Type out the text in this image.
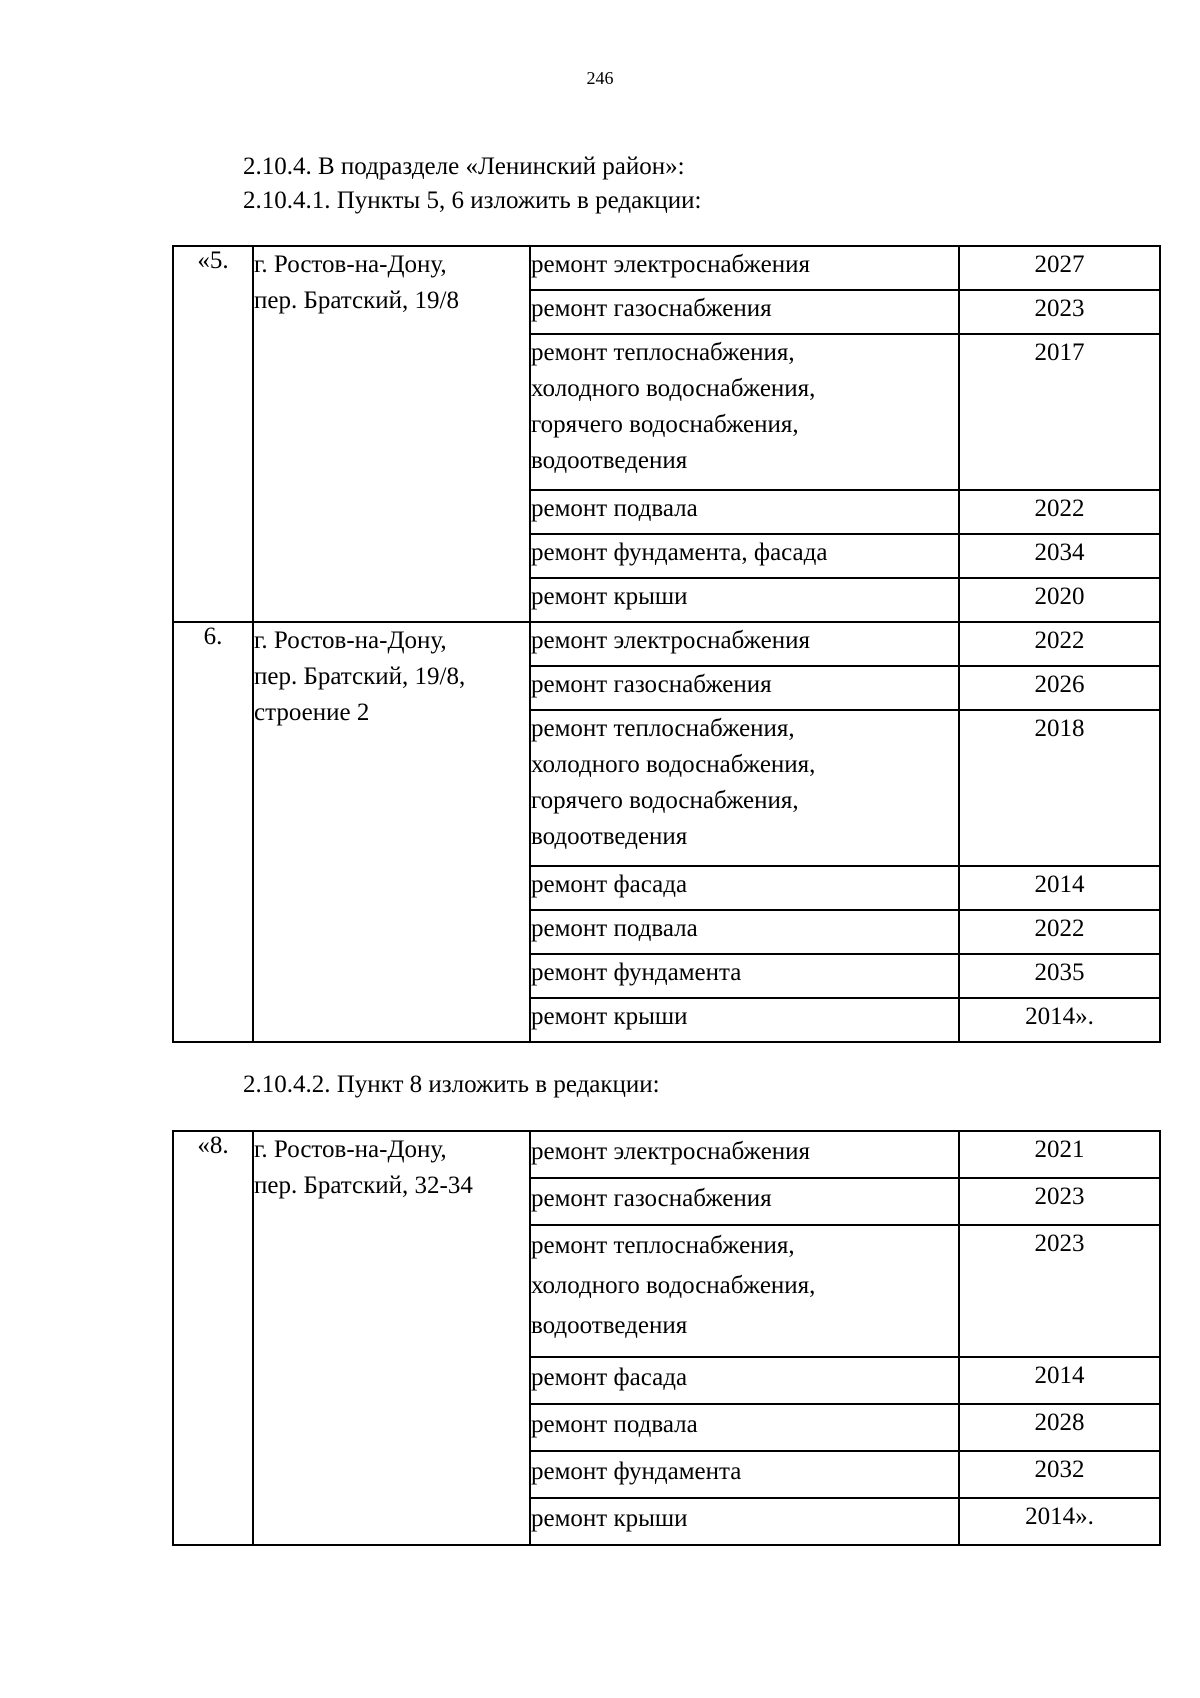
246
2.10.4. В подразделе «Ленинский район»:
2.10.4.1. Пункты 5, 6 изложить в редакции:
«5.	г. Ростов-на-Дону,
пер. Братский, 19/8	ремонт электроснабжения	2027

		ремонт газоснабжения	2023

		ремонт теплоснабжения,
холодного водоснабжения,
горячего водоснабжения,
водоотведения	2017

		ремонт подвала	2022

		ремонт фундамента, фасада	2034

		ремонт крыши	2020
6.	г. Ростов-на-Дону,
пер. Братский, 19/8,
строение 2	ремонт электроснабжения	2022

		ремонт газоснабжения	2026

		ремонт теплоснабжения,
холодного водоснабжения,
горячего водоснабжения,
водоотведения	2018

		ремонт фасада	2014

		ремонт подвала	2022

		ремонт фундамента	2035

		ремонт крыши	2014».
2.10.4.2. Пункт 8 изложить в редакции:
«8.	г. Ростов-на-Дону,
пер. Братский, 32-34	ремонт электроснабжения	2021

		ремонт газоснабжения	2023

		ремонт теплоснабжения,
холодного водоснабжения,
водоотведения	2023

		ремонт фасада	2014

		ремонт подвала	2028

		ремонт фундамента	2032

		ремонт крыши	2014».
